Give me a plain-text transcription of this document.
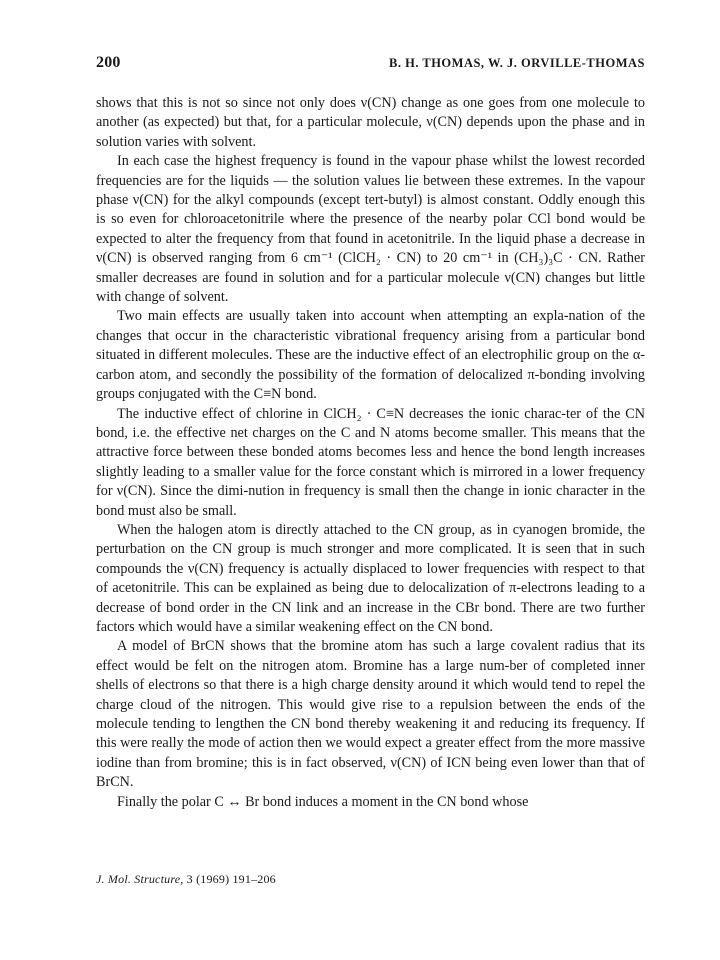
200	B. H. THOMAS, W. J. ORVILLE-THOMAS

shows that this is not so since not only does ν(CN) change as one goes from one molecule to another (as expected) but that, for a particular molecule, ν(CN) depends upon the phase and in solution varies with solvent.

In each case the highest frequency is found in the vapour phase whilst the lowest recorded frequencies are for the liquids — the solution values lie between these extremes. In the vapour phase ν(CN) for the alkyl compounds (except tert-butyl) is almost constant. Oddly enough this is so even for chloroacetonitrile where the presence of the nearby polar CCl bond would be expected to alter the frequency from that found in acetonitrile. In the liquid phase a decrease in ν(CN) is observed ranging from 6 cm⁻¹ (ClCH₂ · CN) to 20 cm⁻¹ in (CH₃)₃C · CN. Rather smaller decreases are found in solution and for a particular molecule ν(CN) changes but little with change of solvent.

Two main effects are usually taken into account when attempting an expla-nation of the changes that occur in the characteristic vibrational frequency arising from a particular bond situated in different molecules. These are the inductive effect of an electrophilic group on the α-carbon atom, and secondly the possibility of the formation of delocalized π-bonding involving groups conjugated with the C≡N bond.

The inductive effect of chlorine in ClCH₂ · C≡N decreases the ionic charac-ter of the CN bond, i.e. the effective net charges on the C and N atoms become smaller. This means that the attractive force between these bonded atoms becomes less and hence the bond length increases slightly leading to a smaller value for the force constant which is mirrored in a lower frequency for ν(CN). Since the dimi-nution in frequency is small then the change in ionic character in the bond must also be small.

When the halogen atom is directly attached to the CN group, as in cyanogen bromide, the perturbation on the CN group is much stronger and more complicated. It is seen that in such compounds the ν(CN) frequency is actually displaced to lower frequencies with respect to that of acetonitrile. This can be explained as being due to delocalization of π-electrons leading to a decrease of bond order in the CN link and an increase in the CBr bond. There are two further factors which would have a similar weakening effect on the CN bond.

A model of BrCN shows that the bromine atom has such a large covalent radius that its effect would be felt on the nitrogen atom. Bromine has a large num-ber of completed inner shells of electrons so that there is a high charge density around it which would tend to repel the charge cloud of the nitrogen. This would give rise to a repulsion between the ends of the molecule tending to lengthen the CN bond thereby weakening it and reducing its frequency. If this were really the mode of action then we would expect a greater effect from the more massive iodine than from bromine; this is in fact observed, ν(CN) of ICN being even lower than that of BrCN.

Finally the polar C ↔ Br bond induces a moment in the CN bond whose

J. Mol. Structure, 3 (1969) 191–206
